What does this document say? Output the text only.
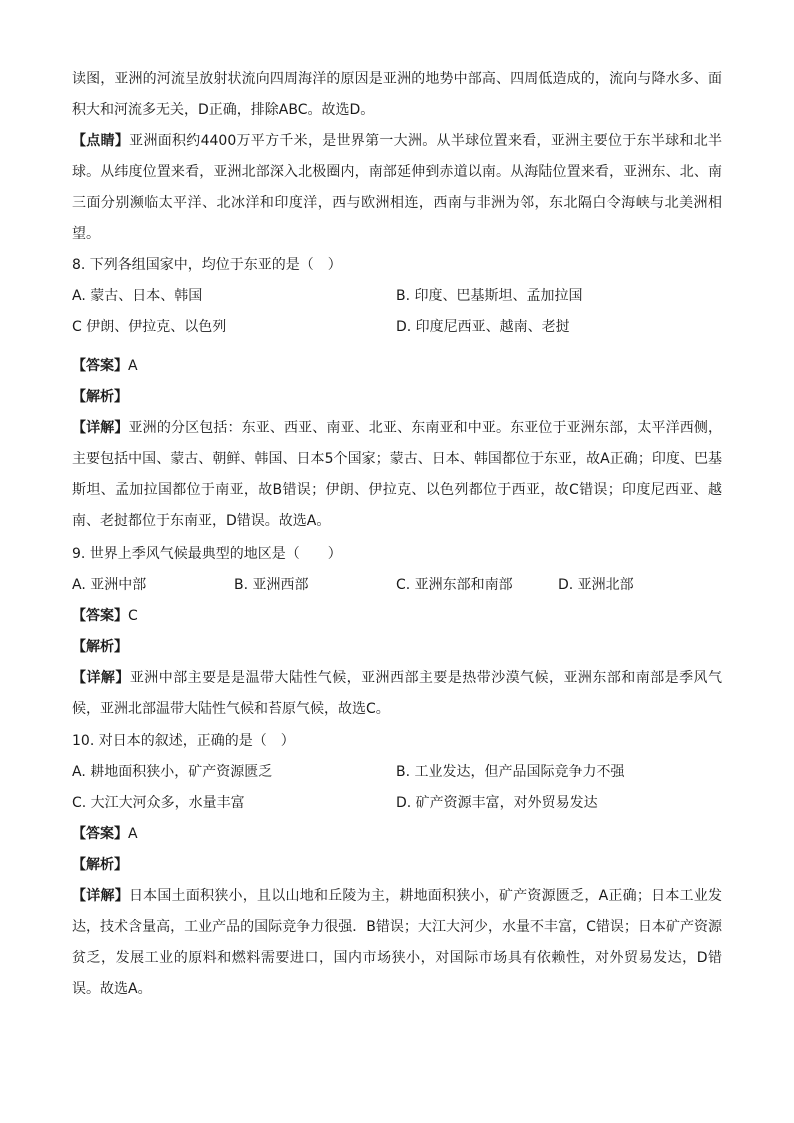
读图，亚洲的河流呈放射状流向四周海洋的原因是亚洲的地势中部高、四周低造成的，流向与降水多、面积大和河流多无关，D正确，排除ABC。故选D。

【点睛】亚洲面积约4400万平方千米，是世界第一大洲。从半球位置来看，亚洲主要位于东半球和北半球。从纬度位置来看，亚洲北部深入北极圈内，南部延伸到赤道以南。从海陆位置来看，亚洲东、北、南三面分别濒临太平洋、北冰洋和印度洋，西与欧洲相连，西南与非洲为邻，东北隔白令海峡与北美洲相望。

8. 下列各组国家中，均位于东亚的是（　）

A. 蒙古、日本、韩国	B. 印度、巴基斯坦、孟加拉国
C 伊朗、伊拉克、以色列	D. 印度尼西亚、越南、老挝

【答案】A

【解析】

【详解】亚洲的分区包括：东亚、西亚、南亚、北亚、东南亚和中亚。东亚位于亚洲东部，太平洋西侧，主要包括中国、蒙古、朝鲜、韩国、日本5个国家；蒙古、日本、韩国都位于东亚，故A正确；印度、巴基斯坦、孟加拉国都位于南亚，故B错误；伊朗、伊拉克、以色列都位于西亚，故C错误；印度尼西亚、越南、老挝都位于东南亚，D错误。故选A。

9. 世界上季风气候最典型的地区是（　　）

A. 亚洲中部	B. 亚洲西部	C. 亚洲东部和南部	D. 亚洲北部

【答案】C

【解析】

【详解】亚洲中部主要是是温带大陆性气候，亚洲西部主要是热带沙漠气候，亚洲东部和南部是季风气候，亚洲北部温带大陆性气候和苔原气候，故选C。

10. 对日本的叙述，正确的是（　）

A. 耕地面积狭小，矿产资源匮乏	B. 工业发达，但产品国际竞争力不强
C. 大江大河众多，水量丰富	D. 矿产资源丰富，对外贸易发达

【答案】A

【解析】

【详解】日本国土面积狭小，且以山地和丘陵为主，耕地面积狭小，矿产资源匮乏，A正确；日本工业发达，技术含量高，工业产品的国际竞争力很强．B错误；大江大河少，水量不丰富，C错误；日本矿产资源贫乏，发展工业的原料和燃料需要进口，国内市场狭小，对国际市场具有依赖性，对外贸易发达，D错误。故选A。
